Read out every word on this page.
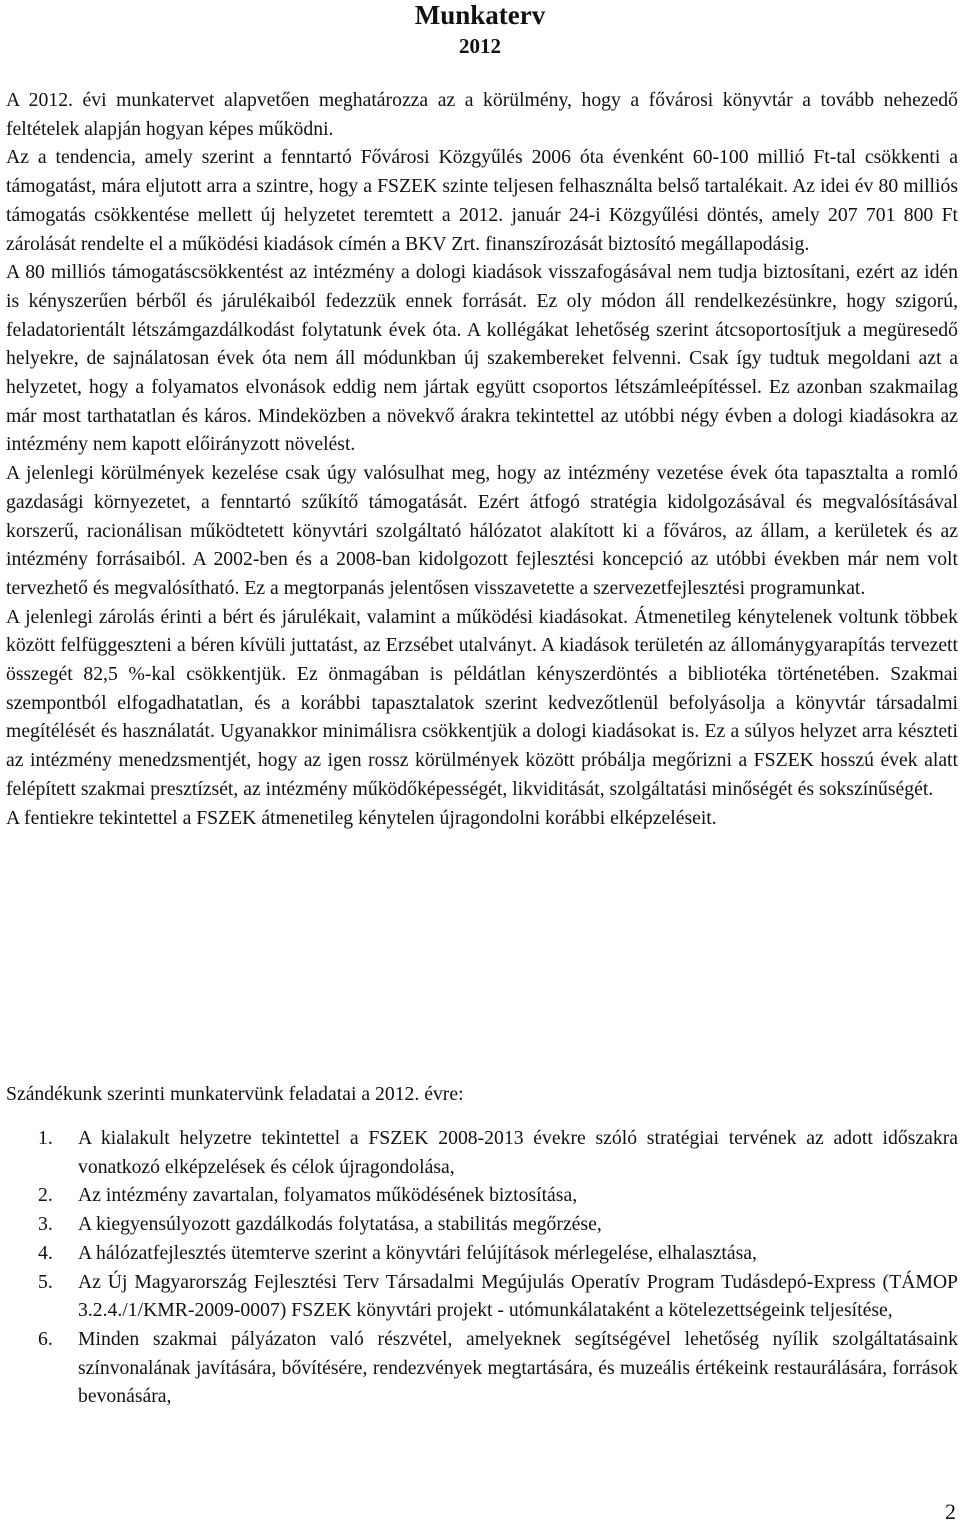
Munkaterv
2012

A 2012. évi munkatervet alapvetően meghatározza az a körülmény, hogy a fővárosi könyvtár a tovább nehezedő feltételek alapján hogyan képes működni.

Az a tendencia, amely szerint a fenntartó Fővárosi Közgyűlés 2006 óta évenként 60-100 millió Ft-tal csökkenti a támogatást, mára eljutott arra a szintre, hogy a FSZEK szinte teljesen felhasználta belső tartalékait. Az idei év 80 milliós támogatás csökkentése mellett új helyzetet teremtett a 2012. január 24-i Közgyűlési döntés, amely 207 701 800 Ft zárolását rendelte el a működési kiadások címén a BKV Zrt. finanszírozását biztosító megállapodásig.

A 80 milliós támogatáscsökkentést az intézmény a dologi kiadások visszafogásával nem tudja biztosítani, ezért az idén is kényszerűen bérből és járulékaiból fedezzük ennek forrását. Ez oly módon áll rendelkezésünkre, hogy szigorú, feladatorientált létszámgazdálkodást folytatunk évek óta. A kollégákat lehetőség szerint átcsoportosítjuk a megüresedő helyekre, de sajnálatosan évek óta nem áll módunkban új szakembereket felvenni. Csak így tudtuk megoldani azt a helyzetet, hogy a folyamatos elvonások eddig nem jártak együtt csoportos létszámleépítéssel. Ez azonban szakmailag már most tarthatatlan és káros. Mindeközben a növekvő árakra tekintettel az utóbbi négy évben a dologi kiadásokra az intézmény nem kapott előirányzott növelést.

A jelenlegi körülmények kezelése csak úgy valósulhat meg, hogy az intézmény vezetése évek óta tapasztalta a romló gazdasági környezetet, a fenntartó szűkítő támogatását. Ezért átfogó stratégia kidolgozásával és megvalósításával korszerű, racionálisan működtetett könyvtári szolgáltató hálózatot alakított ki a főváros, az állam, a kerületek és az intézmény forrásaiból. A 2002-ben és a 2008-ban kidolgozott fejlesztési koncepció az utóbbi években már nem volt tervezhető és megvalósítható. Ez a megtorpanás jelentősen visszavetette a szervezetfejlesztési programunkat.

A jelenlegi zárolás érinti a bért és járulékait, valamint a működési kiadásokat. Átmenetileg kénytelenek voltunk többek között felfüggeszteni a béren kívüli juttatást, az Erzsébet utalványt. A kiadások területén az állománygyarapítás tervezett összegét 82,5 %-kal csökkentjük. Ez önmagában is példátlan kényszerdöntés a bibliotéka történetében. Szakmai szempontból elfogadhatatlan, és a korábbi tapasztalatok szerint kedvezőtlenül befolyásolja a könyvtár társadalmi megítélését és használatát. Ugyanakkor minimálisra csökkentjük a dologi kiadásokat is. Ez a súlyos helyzet arra készteti az intézmény menedzsmentjét, hogy az igen rossz körülmények között próbálja megőrizni a FSZEK hosszú évek alatt felépített szakmai presztízsét, az intézmény működőképességét, likviditását, szolgáltatási minőségét és sokszínűségét.

A fentiekre tekintettel a FSZEK átmenetileg kénytelen újragondolni korábbi elképzeléseit.

Szándékunk szerinti munkatervünk feladatai a 2012. évre:

1. A kialakult helyzetre tekintettel a FSZEK 2008-2013 évekre szóló stratégiai tervének az adott időszakra vonatkozó elképzelések és célok újragondolása,
2. Az intézmény zavartalan, folyamatos működésének biztosítása,
3. A kiegyensúlyozott gazdálkodás folytatása, a stabilitás megőrzése,
4. A hálózatfejlesztés ütemterve szerint a könyvtári felújítások mérlegelése, elhalasztása,
5. Az Új Magyarország Fejlesztési Terv Társadalmi Megújulás Operatív Program Tudásdepó-Express (TÁMOP 3.2.4./1/KMR-2009-0007) FSZEK könyvtári projekt - utómunkálataként a kötelezettségeink teljesítése,
6. Minden szakmai pályázaton való részvétel, amelyeknek segítségével lehetőség nyílik szolgáltatásaink színvonalának javítására, bővítésére, rendezvények megtartására, és muzeális értékeink restaurálására, források bevonására,
2
